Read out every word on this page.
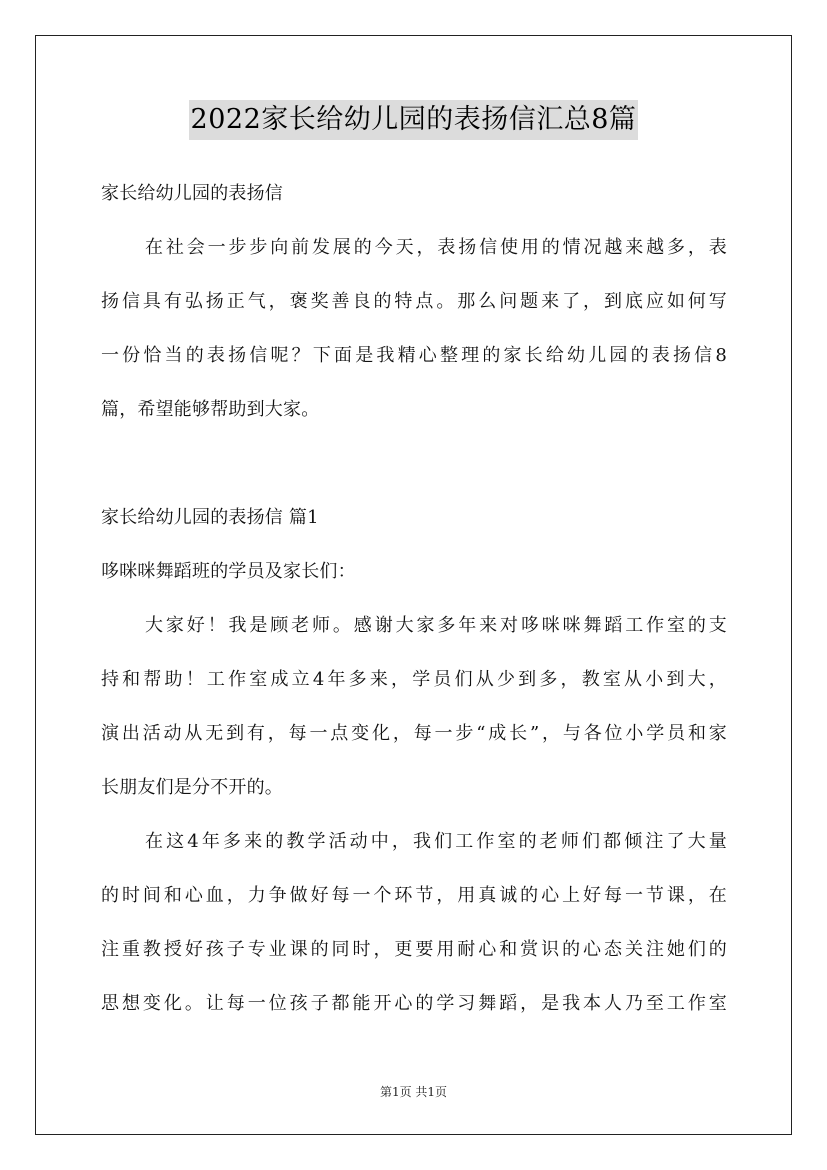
2022家长给幼儿园的表扬信汇总8篇
家长给幼儿园的表扬信
在社会一步步向前发展的今天，表扬信使用的情况越来越多，表
扬信具有弘扬正气，褒奖善良的特点。那么问题来了，到底应如何写
一份恰当的表扬信呢？下面是我精心整理的家长给幼儿园的表扬信8
篇，希望能够帮助到大家。
家长给幼儿园的表扬信 篇1
哆咪咪舞蹈班的学员及家长们：
大家好！我是顾老师。感谢大家多年来对哆咪咪舞蹈工作室的支
持和帮助！工作室成立4年多来，学员们从少到多，教室从小到大，
演出活动从无到有，每一点变化，每一步“成长”，与各位小学员和家
长朋友们是分不开的。
在这4年多来的教学活动中，我们工作室的老师们都倾注了大量
的时间和心血，力争做好每一个环节，用真诚的心上好每一节课，在
注重教授好孩子专业课的同时，更要用耐心和赏识的心态关注她们的
思想变化。让每一位孩子都能开心的学习舞蹈，是我本人乃至工作室
第1页 共1页
